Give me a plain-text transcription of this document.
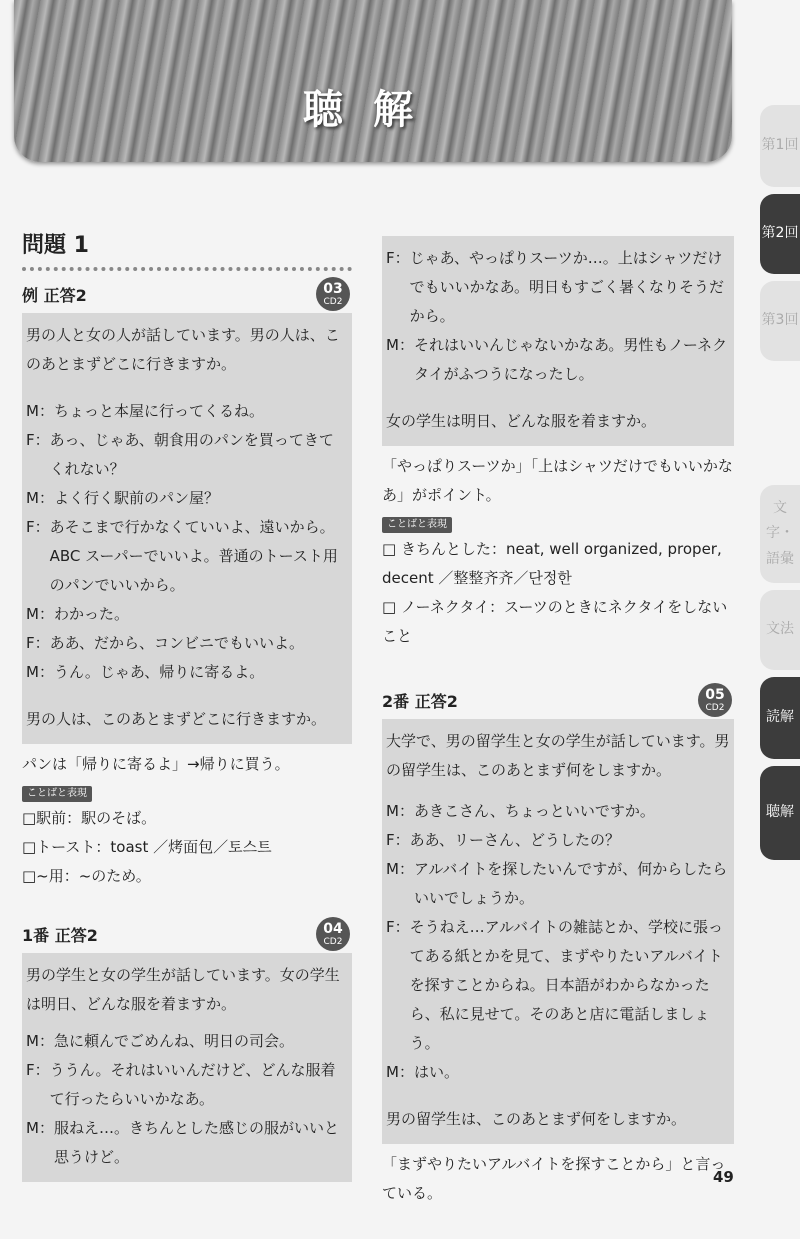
聴解
第1回
第2回
第3回
文字・語彙
文法
読解
聴解
問題 1
例 正答2	03
CD2

男の人と女の人が話しています。男の人は、このあとまずどこに行きますか。

M： ちょっと本屋に行ってくるね。
F： あっ、じゃあ、朝食用のパンを買ってきてくれない？
M： よく行く駅前のパン屋？
F： あそこまで行かなくていいよ、遠いから。ABC スーパーでいいよ。普通のトースト用のパンでいいから。
M： わかった。
F： ああ、だから、コンビニでもいいよ。
M： うん。じゃあ、帰りに寄るよ。

男の人は、このあとまずどこに行きますか。

パンは「帰りに寄るよ」→帰りに買う。

ことばと表現
□駅前：駅のそば。
□トースト：toast ／烤面包／토스트
□~用：~のため。
1番 正答2	04
CD2

男の学生と女の学生が話しています。女の学生は明日、どんな服を着ますか。

M： 急に頼んでごめんね、明日の司会。
F： ううん。それはいいんだけど、どんな服着て行ったらいいかなあ。
M： 服ねえ…。きちんとした感じの服がいいと思うけど。
F： じゃあ、やっぱりスーツか…。上はシャツだけでもいいかなあ。明日もすごく暑くなりそうだから。
M： それはいいんじゃないかなあ。男性もノーネクタイがふつうになったし。

女の学生は明日、どんな服を着ますか。

「やっぱりスーツか」「上はシャツだけでもいいかなあ」がポイント。

ことばと表現
□ きちんとした：neat, well organized, proper, decent ／整整齐齐／단정한
□ ノーネクタイ：スーツのときにネクタイをしないこと
2番 正答2	05
CD2

大学で、男の留学生と女の学生が話しています。男の留学生は、このあとまず何をしますか。

M： あきこさん、ちょっといいですか。
F： ああ、リーさん、どうしたの？
M： アルバイトを探したいんですが、何からしたらいいでしょうか。
F： そうねえ…アルバイトの雑誌とか、学校に張ってある紙とかを見て、まずやりたいアルバイトを探すことからね。日本語がわからなかったら、私に見せて。そのあと店に電話しましょう。
M： はい。

男の留学生は、このあとまず何をしますか。

「まずやりたいアルバイトを探すことから」と言っている。

49
